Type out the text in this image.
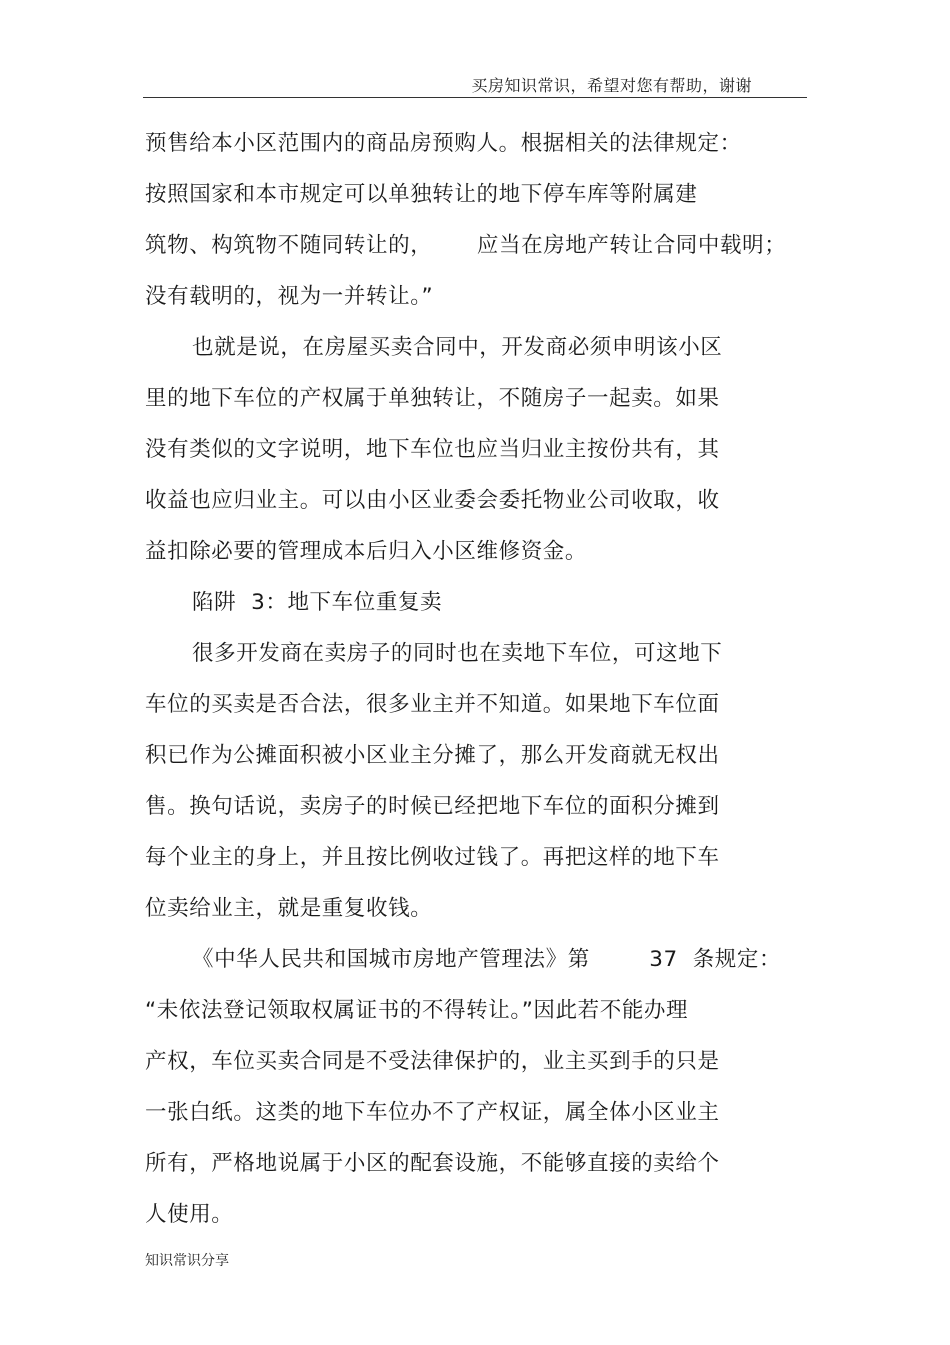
买房知识常识，希望对您有帮助，谢谢
预售给本小区范围内的商品房预购人。根据相关的法律规定：
按照国家和本市规定可以单独转让的地下停车库等附属建
筑物、构筑物不随同转让的，      应当在房地产转让合同中载明；
没有载明的，视为一并转让。”
也就是说，在房屋买卖合同中，开发商必须申明该小区
里的地下车位的产权属于单独转让，不随房子一起卖。如果
没有类似的文字说明，地下车位也应当归业主按份共有，其
收益也应归业主。可以由小区业委会委托物业公司收取，收
益扣除必要的管理成本后归入小区维修资金。
陷阱  3：地下车位重复卖
很多开发商在卖房子的同时也在卖地下车位，可这地下
车位的买卖是否合法，很多业主并不知道。如果地下车位面
积已作为公摊面积被小区业主分摊了，那么开发商就无权出
售。换句话说，卖房子的时候已经把地下车位的面积分摊到
每个业主的身上，并且按比例收过钱了。再把这样的地下车
位卖给业主，就是重复收钱。
《中华人民共和国城市房地产管理法》第        37  条规定：
“未依法登记领取权属证书的不得转让。”因此若不能办理
产权，车位买卖合同是不受法律保护的，业主买到手的只是
一张白纸。这类的地下车位办不了产权证，属全体小区业主
所有，严格地说属于小区的配套设施，不能够直接的卖给个
人使用。
知识常识分享
